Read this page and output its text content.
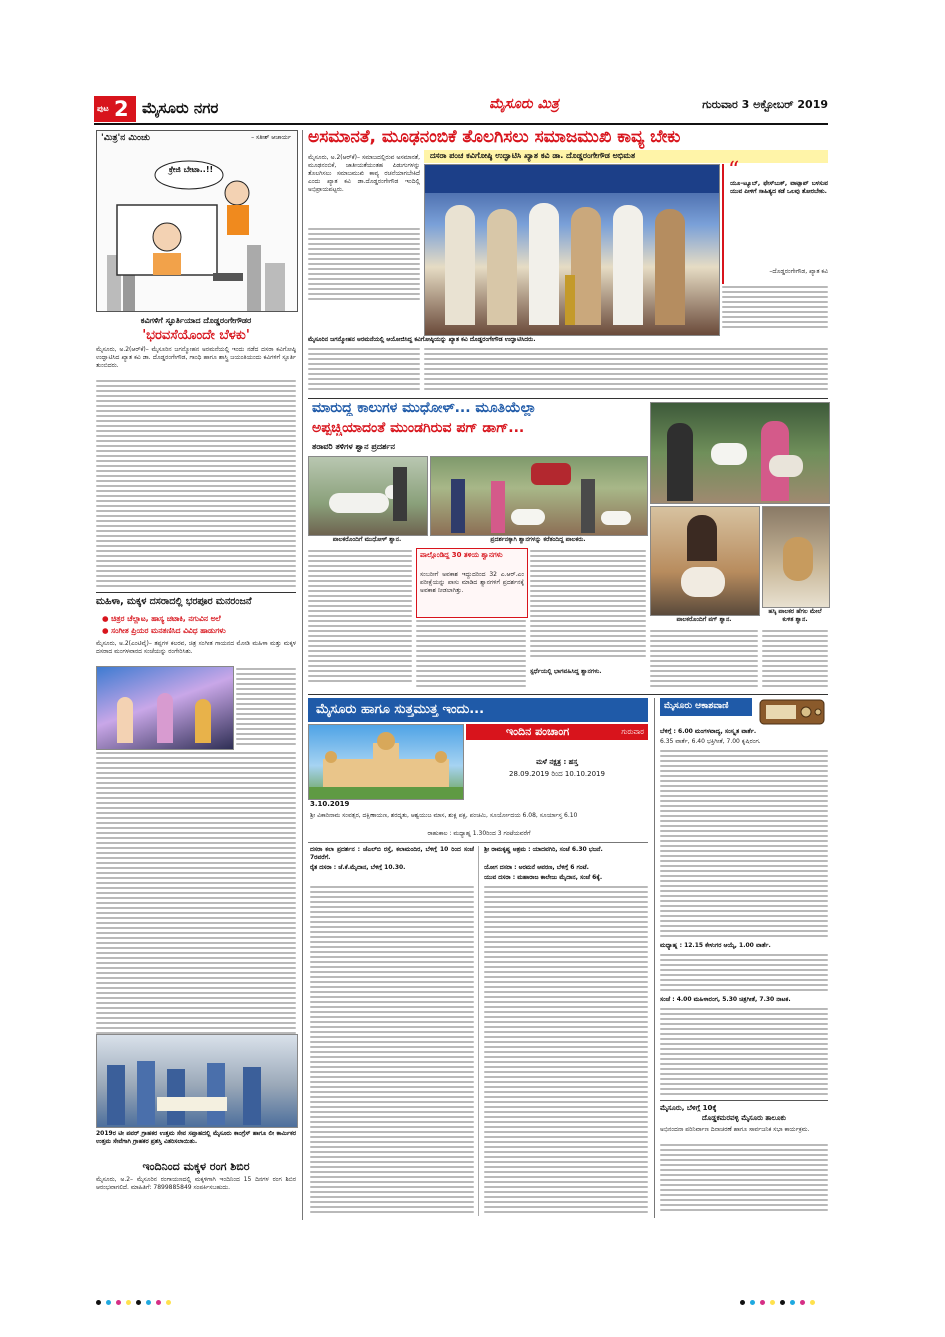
ಪುಟ 2 ಮೈಸೂರು ನಗರ	ಮೈಸೂರು ಮಿತ್ರ	ಗುರುವಾರ 3 ಅಕ್ಟೋಬರ್ 2019
'ಮಿತ್ರ'ನ ಮಿಂಚು	– ಸತೀಶ್ ಆಚಾರ್ಯ
ಕ್ರೇಜಿ ಬೇಟಾ..!!
ಕವಿಗಳಿಗೆ ಸ್ಫೂರ್ತಿಯಾದ ದೊಡ್ಡರಂಗೇಗೌಡರ
'ಭರವಸೆಯೊಂದೇ ಬೆಳಕು'
ಮೈಸೂರು, ಅ.2(ಆರ್‌ಕೆ)– ಮೈಸೂರಿನ ಜಗನ್ಮೋಹನ ಅರಮನೆಯಲ್ಲಿ ಇಂದು ನಡೆದ ದಸರಾ ಕವಿಗೋಷ್ಠಿ ಉದ್ಘಾಟಿಸಿದ ಖ್ಯಾತ ಕವಿ ಡಾ. ದೊಡ್ಡರಂಗೇಗೌಡ, ಗಾಂಧಿ ಹಾಗೂ ಶಾಸ್ತ್ರಿ ಜಯಂತಿಯಂದು ಕವಿಗಳಿಗೆ ಸ್ಫೂರ್ತಿ ತುಂಬಿದರು.
ಮಹಿಳಾ, ಮಕ್ಕಳ ದಸರಾದಲ್ಲಿ ಭರಪೂರ ಮನರಂಜನೆ
● ಚಿತ್ರರ ಚೆಲ್ಲಾಟ, ಹಾಸ್ಯ ಚಟಾಕಿ, ನಗುವಿನ ಅಲೆ
● ಸಂಗೀತ ಪ್ರಿಯರ ಮನತಣಿಸಿದ ವಿವಿಧ ಹಾಡುಗಳು
ಮೈಸೂರು, ಅ.2(ಎಂಟಿವೈ)– ತಪ್ಪಗಳ ಕಲರವ, ಚಿತ್ರ ಸಂಗೀತ ಗಾಯನದ ಮೋಡಿ ಮಹಿಳಾ ಮತ್ತು ಮಕ್ಕಳ ದಸರಾದ ಮಂಗಳವಾರದ ಸಂಜೆಯನ್ನು ರಂಗೇರಿಸಿತು.
2019ರ ಟೀ ಪವರ್ ಗ್ರಾಹಕರ ಉತ್ತಮ ಸೇವ ಸಪ್ತಾಹದಲ್ಲಿ ಮೈಸೂರು ಕಾಂಗ್ರೆಸ್ ಹಾಗೂ ಲೀ ಕಾರ್ಮಿಕರ ಉತ್ತಮ ಸೇವೆಗಾಗಿ ಗ್ರಾಹಕರ ಪ್ರಶಸ್ತಿ ವಿತರಿಸಲಾಯಿತು.
ಇಂದಿನಿಂದ ಮಕ್ಕಳ ರಂಗ ಶಿಬಿರ
ಮೈಸೂರು, ಅ.2– ಮೈಸೂರಿನ ರಂಗಾಯಣದಲ್ಲಿ ಮಕ್ಕಳಿಗಾಗಿ ಇಂದಿನಿಂದ 15 ದಿನಗಳ ರಂಗ ಶಿಬಿರ ಆರಂಭವಾಗಲಿದೆ. ಮಾಹಿತಿಗೆ: 7899885849 ಸಂಪರ್ಕಿಸಬಹುದು.
ಅಸಮಾನತೆ, ಮೂಢನಂಬಿಕೆ ತೊಲಗಿಸಲು ಸಮಾಜಮುಖಿ ಕಾವ್ಯ ಬೇಕು
ದಸರಾ ಪಂಚ ಕವಿಗೋಷ್ಠಿ ಉದ್ಘಾಟಿಸಿ ಖ್ಯಾತ ಕವಿ ಡಾ. ದೊಡ್ಡರಂಗೇಗೌಡ ಅಭಿಮತ
ಮೈಸೂರು, ಅ.2(ಆರ್‌ಕೆ)– ಸಮಾಜದಲ್ಲಿರುವ ಅಸಮಾನತೆ, ಮೂಢನಂಬಿಕೆ, ಜಾತೀಯತೆಯಂತಹ ಪಿಡುಗುಗಳನ್ನು ತೊಲಗಿಸಲು ಸಮಾಜಮುಖಿ ಕಾವ್ಯ ರಚನೆಯಾಗಬೇಕಿದೆ ಎಂದು ಖ್ಯಾತ ಕವಿ ಡಾ.ದೊಡ್ಡರಂಗೇಗೌಡ ಇಂದಿಲ್ಲಿ ಅಭಿಪ್ರಾಯಪಟ್ಟರು.
ಮೈಸೂರಿನ ಜಗನ್ಮೋಹನ ಅರಮನೆಯಲ್ಲಿ ಆಯೋಜಿಸಿದ್ದ ಕವಿಗೋಷ್ಠಿಯನ್ನು ಖ್ಯಾತ ಕವಿ ದೊಡ್ಡರಂಗೇಗೌಡ ಉದ್ಘಾಟಿಸಿದರು.
“
ಯೂ–ಟ್ಯೂಬ್, ಫೇಸ್‌ಬುಕ್, ವಾಟ್ಸಾಪ್ ಬಳಸುವ ಯುವ ಪೀಳಿಗೆ ಸಾಹಿತ್ಯದ ಕಡೆ ಒಲವು ತೋರಬೇಕು.
–ದೊಡ್ಡರಂಗೇಗೌಡ, ಖ್ಯಾತ ಕವಿ
ಮಾರುದ್ದ ಕಾಲುಗಳ ಮುಧೋಳ್... ಮೂತಿಯೆಲ್ಲಾ
ಅಪ್ಪಚ್ಚಿಯಾದಂತೆ ಮುಂಡಗಿರುವ ಪಗ್ ಡಾಗ್...
ತರಾವರಿ ತಳಿಗಳ ಶ್ವಾನ ಪ್ರದರ್ಶನ
ಪಾಲಕರೊಂದಿಗೆ ಮುಧೋಳ್ ಶ್ವಾನ.	ಪ್ರದರ್ಶನಕ್ಕಾಗಿ ಶ್ವಾನಗಳನ್ನು ಕರೆತಂದಿದ್ದ ಪಾಲಕರು.
ಹಸ್ಕಿ ಪಾಲಕರ ಹೆಗಲ ಮೇಲೆ ಕುಳಿತ ಶ್ವಾನ.
ಪಾಲಕರೊಂದಿಗೆ ಪಗ್ ಶ್ವಾನ.
ಪಾಲ್ಗೊಂಡಿದ್ದ 30 ತಳಿಯ ಶ್ವಾನಗಳು
ಸಂಬರೀಗೆ ಅವಕಾಶ ಇದ್ದುದರಿಂದ 32 ಎ.ಆರ್.ಎಂ ಪರೀಕ್ಷೆಯನ್ನು ಪಾಸು ಮಾಡಿದ ಶ್ವಾನಗಳಿಗೆ ಪ್ರದರ್ಶನಕ್ಕೆ ಅವಕಾಶ ನೀಡಲಾಗಿತ್ತು.
ಸ್ಪರ್ಧೆಯಲ್ಲಿ ಭಾಗವಹಿಸಿದ್ದ ಶ್ವಾನಗಳು.
ಮೈಸೂರು ಹಾಗೂ ಸುತ್ತಮುತ್ತ ಇಂದು...
ಇಂದಿನ ಪಂಚಾಂಗ	ಗುರುವಾರ
3.10.2019
ಮಳೆ ನಕ್ಷತ್ರ : ಹಸ್ತ
28.09.2019 ರಿಂದ 10.10.2019
ಶ್ರೀ ವಿಕಾರಿನಾಮ ಸಂವತ್ಸರ, ದಕ್ಷಿಣಾಯಣ, ಶರದೃತು, ಆಶ್ವಯುಜ ಮಾಸ, ಶುಕ್ಲ ಪಕ್ಷ, ಪಂಚಮಿ, ಸೂರ್ಯೋದಯ 6.08, ಸೂರ್ಯಾಸ್ತ 6.10
ರಾಹುಕಾಲ : ಮಧ್ಯಾಹ್ನ 1.30ರಿಂದ 3 ಗಂಟೆಯವರೆಗೆ
ದಸರಾ ಕಲಾ ಪ್ರದರ್ಶನ : ಜೆಎಲ್‌ಬಿ ರಸ್ತೆ, ಕಲಾಮಂದಿರ, ಬೆಳಿಗ್ಗೆ 10 ರಿಂದ ಸಂಜೆ 7ರವರೆಗೆ.
ರೈತ ದಸರಾ : ಜೆ.ಕೆ.ಮೈದಾನ, ಬೆಳಿಗ್ಗೆ 10.30.
ಶ್ರೀ ರಾಮಕೃಷ್ಣ ಆಶ್ರಮ : ಯಾದವಗಿರಿ, ಸಂಜೆ 6.30 ಭಜನೆ.
ಯೋಗ ದಸರಾ : ಅರಮನೆ ಆವರಣ, ಬೆಳಿಗ್ಗೆ 6 ಗಂಟೆ.
ಯುವ ದಸರಾ : ಮಹಾರಾಜ ಕಾಲೇಜು ಮೈದಾನ, ಸಂಜೆ 6ಕ್ಕೆ.
ಮೈಸೂರು ಆಕಾಶವಾಣಿ
ಬೆಳಿಗ್ಗೆ : 6.00 ಮಂಗಳವಾದ್ಯ, ಸಂಸ್ಕೃತ ವಾರ್ತೆ.
6.35 ವಾರ್ತೆ, 6.40 ಭಕ್ತಿಗೀತೆ, 7.00 ಕೃಷಿರಂಗ.
ಮಧ್ಯಾಹ್ನ : 12.15 ಕೇಳುಗರ ಆಯ್ಕೆ, 1.00 ವಾರ್ತೆ.
ಸಂಜೆ : 4.00 ಮಹಿಳಾರಂಗ, 5.30 ಚಿತ್ರಗೀತೆ, 7.30 ನಾಟಕ.
ಮೈಸೂರು, ಬೆಳಿಗ್ಗೆ 10ಕ್ಕೆ
ದೊಡ್ಡಕಮರವಳ್ಳಿ ಮೈಸೂರು ತಾಲೂಕು
ಅಭಿನಂದನಾ ಪರಿನಿರ್ವಾಣ ದಿನಾಚರಣೆ ಹಾಗೂ ಸಾರ್ವಜನಿಕ ಸಭಾ ಕಾರ್ಯಕ್ರಮ.
